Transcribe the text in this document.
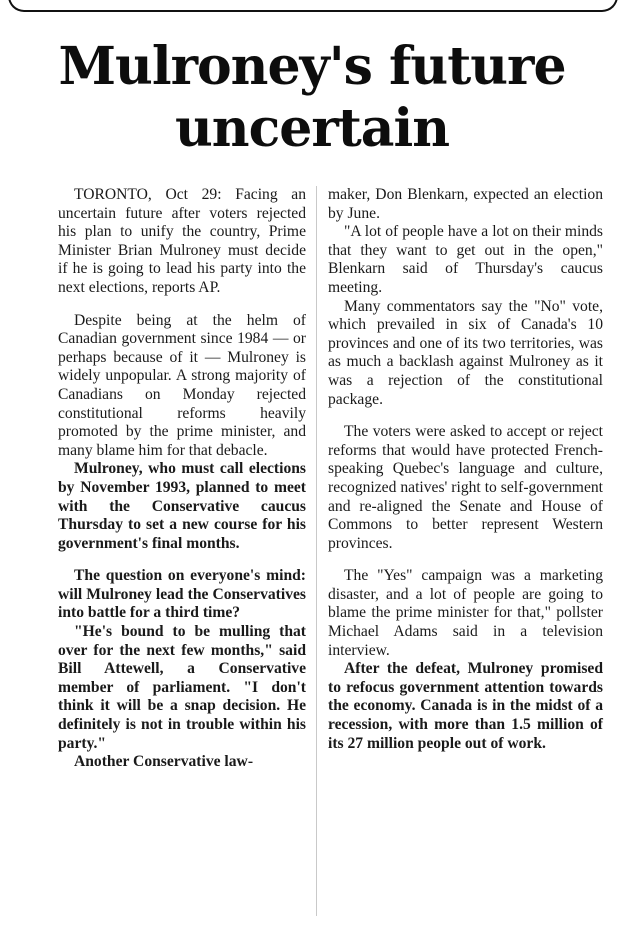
Mulroney's future uncertain

TORONTO, Oct 29: Facing an uncertain future after voters rejected his plan to unify the country, Prime Minister Brian Mulroney must decide if he is going to lead his party into the next elections, reports AP.

Despite being at the helm of Canadian government since 1984 — or perhaps because of it — Mulroney is widely unpopular. A strong majority of Canadians on Monday rejected constitutional reforms heavily promoted by the prime minister, and many blame him for that debacle.

Mulroney, who must call elections by November 1993, planned to meet with the Conservative caucus Thursday to set a new course for his government's final months.

The question on everyone's mind: will Mulroney lead the Conservatives into battle for a third time?

"He's bound to be mulling that over for the next few months," said Bill Attewell, a Conservative member of parliament. "I don't think it will be a snap decision. He definitely is not in trouble within his party."

Another Conservative law-

maker, Don Blenkarn, expected an election by June.

"A lot of people have a lot on their minds that they want to get out in the open," Blenkarn said of Thursday's caucus meeting.

Many commentators say the "No" vote, which prevailed in six of Canada's 10 provinces and one of its two territories, was as much a backlash against Mulroney as it was a rejection of the constitutional package.

The voters were asked to accept or reject reforms that would have protected French-speaking Quebec's language and culture, recognized natives' right to self-government and re-aligned the Senate and House of Commons to better represent Western provinces.

The "Yes" campaign was a marketing disaster, and a lot of people are going to blame the prime minister for that," pollster Michael Adams said in a television interview.

After the defeat, Mulroney promised to refocus government attention towards the economy. Canada is in the midst of a recession, with more than 1.5 million of its 27 million people out of work.
